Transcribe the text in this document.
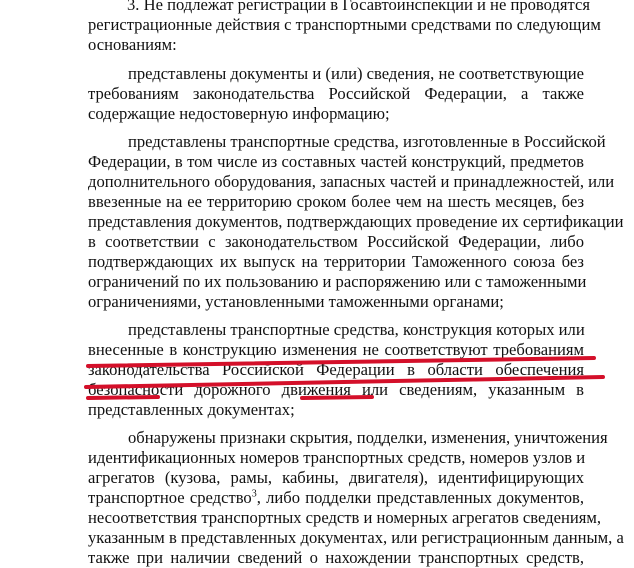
3. Не подлежат регистрации в Госавтоинспекции и не проводятся
регистрационные действия с транспортными средствами по следующим
основаниям:
представлены документы и (или) сведения, не соответствующие
требованиям законодательства Российской Федерации, а также
содержащие недостоверную информацию;
представлены транспортные средства, изготовленные в Российской
Федерации, в том числе из составных частей конструкций, предметов
дополнительного оборудования, запасных частей и принадлежностей, или
ввезенные на ее территорию сроком более чем на шесть месяцев, без
представления документов, подтверждающих проведение их сертификации
в соответствии с законодательством Российской Федерации, либо
подтверждающих их выпуск на территории Таможенного союза без
ограничений по их пользованию и распоряжению или с таможенными
ограничениями, установленными таможенными органами;
представлены транспортные средства, конструкция которых или
внесенные в конструкцию изменения не соответствуют требованиям
законодательства Российской Федерации в области обеспечения
безопасности дорожного движения или сведениям, указанным в
представленных документах;
обнаружены признаки скрытия, подделки, изменения, уничтожения
идентификационных номеров транспортных средств, номеров узлов и
агрегатов (кузова, рамы, кабины, двигателя), идентифицирующих
транспортное средство$^3$, либо подделки представленных документов,
несоответствия транспортных средств и номерных агрегатов сведениям,
указанным в представленных документах, или регистрационным данным, а
также при наличии сведений о нахождении транспортных средств,
